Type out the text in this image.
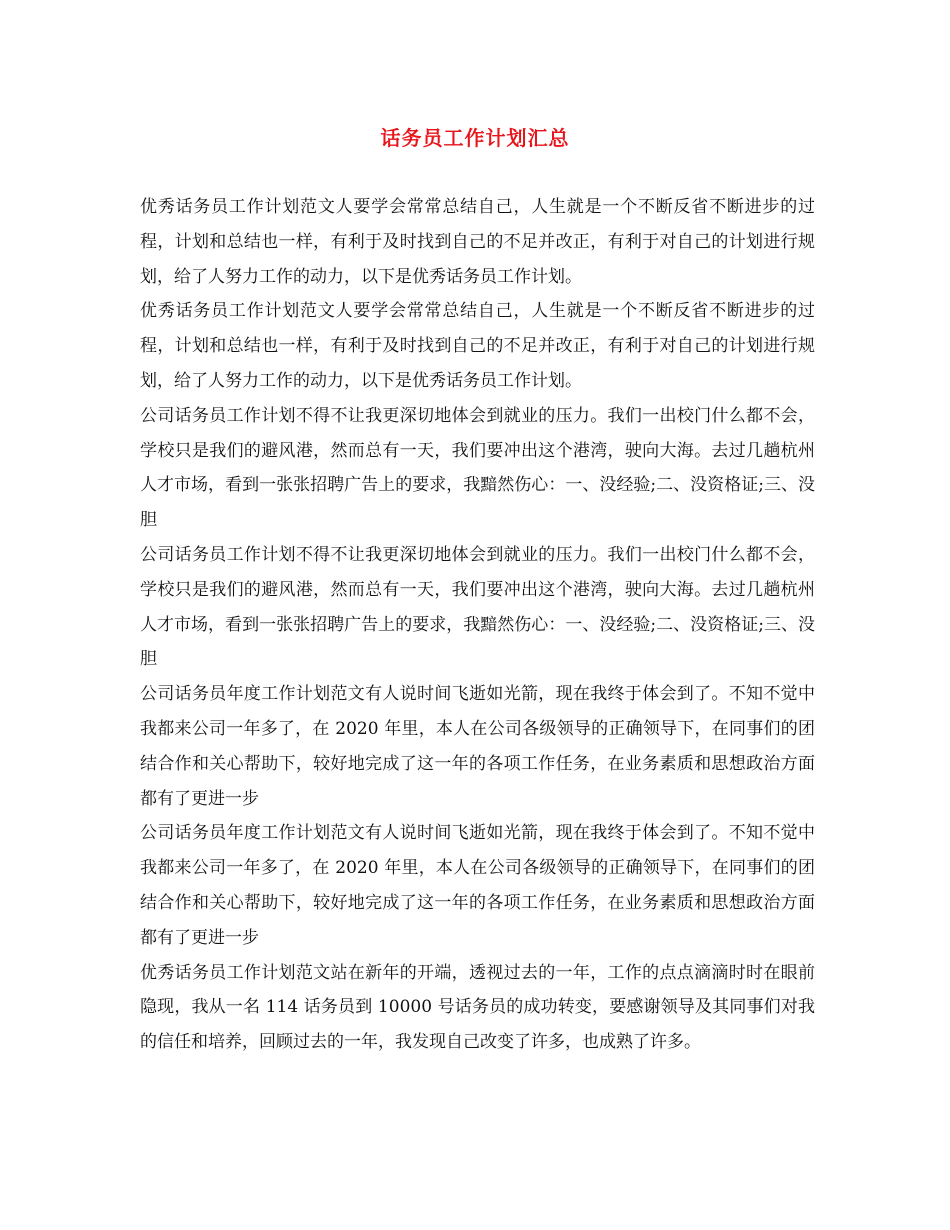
话务员工作计划汇总

优秀话务员工作计划范文人要学会常常总结自己，人生就是一个不断反省不断进步的过程，计划和总结也一样，有利于及时找到自己的不足并改正，有利于对自己的计划进行规划，给了人努力工作的动力，以下是优秀话务员工作计划。

优秀话务员工作计划范文人要学会常常总结自己，人生就是一个不断反省不断进步的过程，计划和总结也一样，有利于及时找到自己的不足并改正，有利于对自己的计划进行规划，给了人努力工作的动力，以下是优秀话务员工作计划。

公司话务员工作计划不得不让我更深切地体会到就业的压力。我们一出校门什么都不会，学校只是我们的避风港，然而总有一天，我们要冲出这个港湾，驶向大海。去过几趟杭州人才市场，看到一张张招聘广告上的要求，我黯然伤心：一、没经验;二、没资格证;三、没胆

公司话务员工作计划不得不让我更深切地体会到就业的压力。我们一出校门什么都不会，学校只是我们的避风港，然而总有一天，我们要冲出这个港湾，驶向大海。去过几趟杭州人才市场，看到一张张招聘广告上的要求，我黯然伤心：一、没经验;二、没资格证;三、没胆

公司话务员年度工作计划范文有人说时间飞逝如光箭，现在我终于体会到了。不知不觉中我都来公司一年多了，在 2020 年里，本人在公司各级领导的正确领导下，在同事们的团结合作和关心帮助下，较好地完成了这一年的各项工作任务，在业务素质和思想政治方面都有了更进一步

公司话务员年度工作计划范文有人说时间飞逝如光箭，现在我终于体会到了。不知不觉中我都来公司一年多了，在 2020 年里，本人在公司各级领导的正确领导下，在同事们的团结合作和关心帮助下，较好地完成了这一年的各项工作任务，在业务素质和思想政治方面都有了更进一步

优秀话务员工作计划范文站在新年的开端，透视过去的一年，工作的点点滴滴时时在眼前隐现，我从一名 114 话务员到 10000 号话务员的成功转变，要感谢领导及其同事们对我的信任和培养，回顾过去的一年，我发现自己改变了许多，也成熟了许多。
